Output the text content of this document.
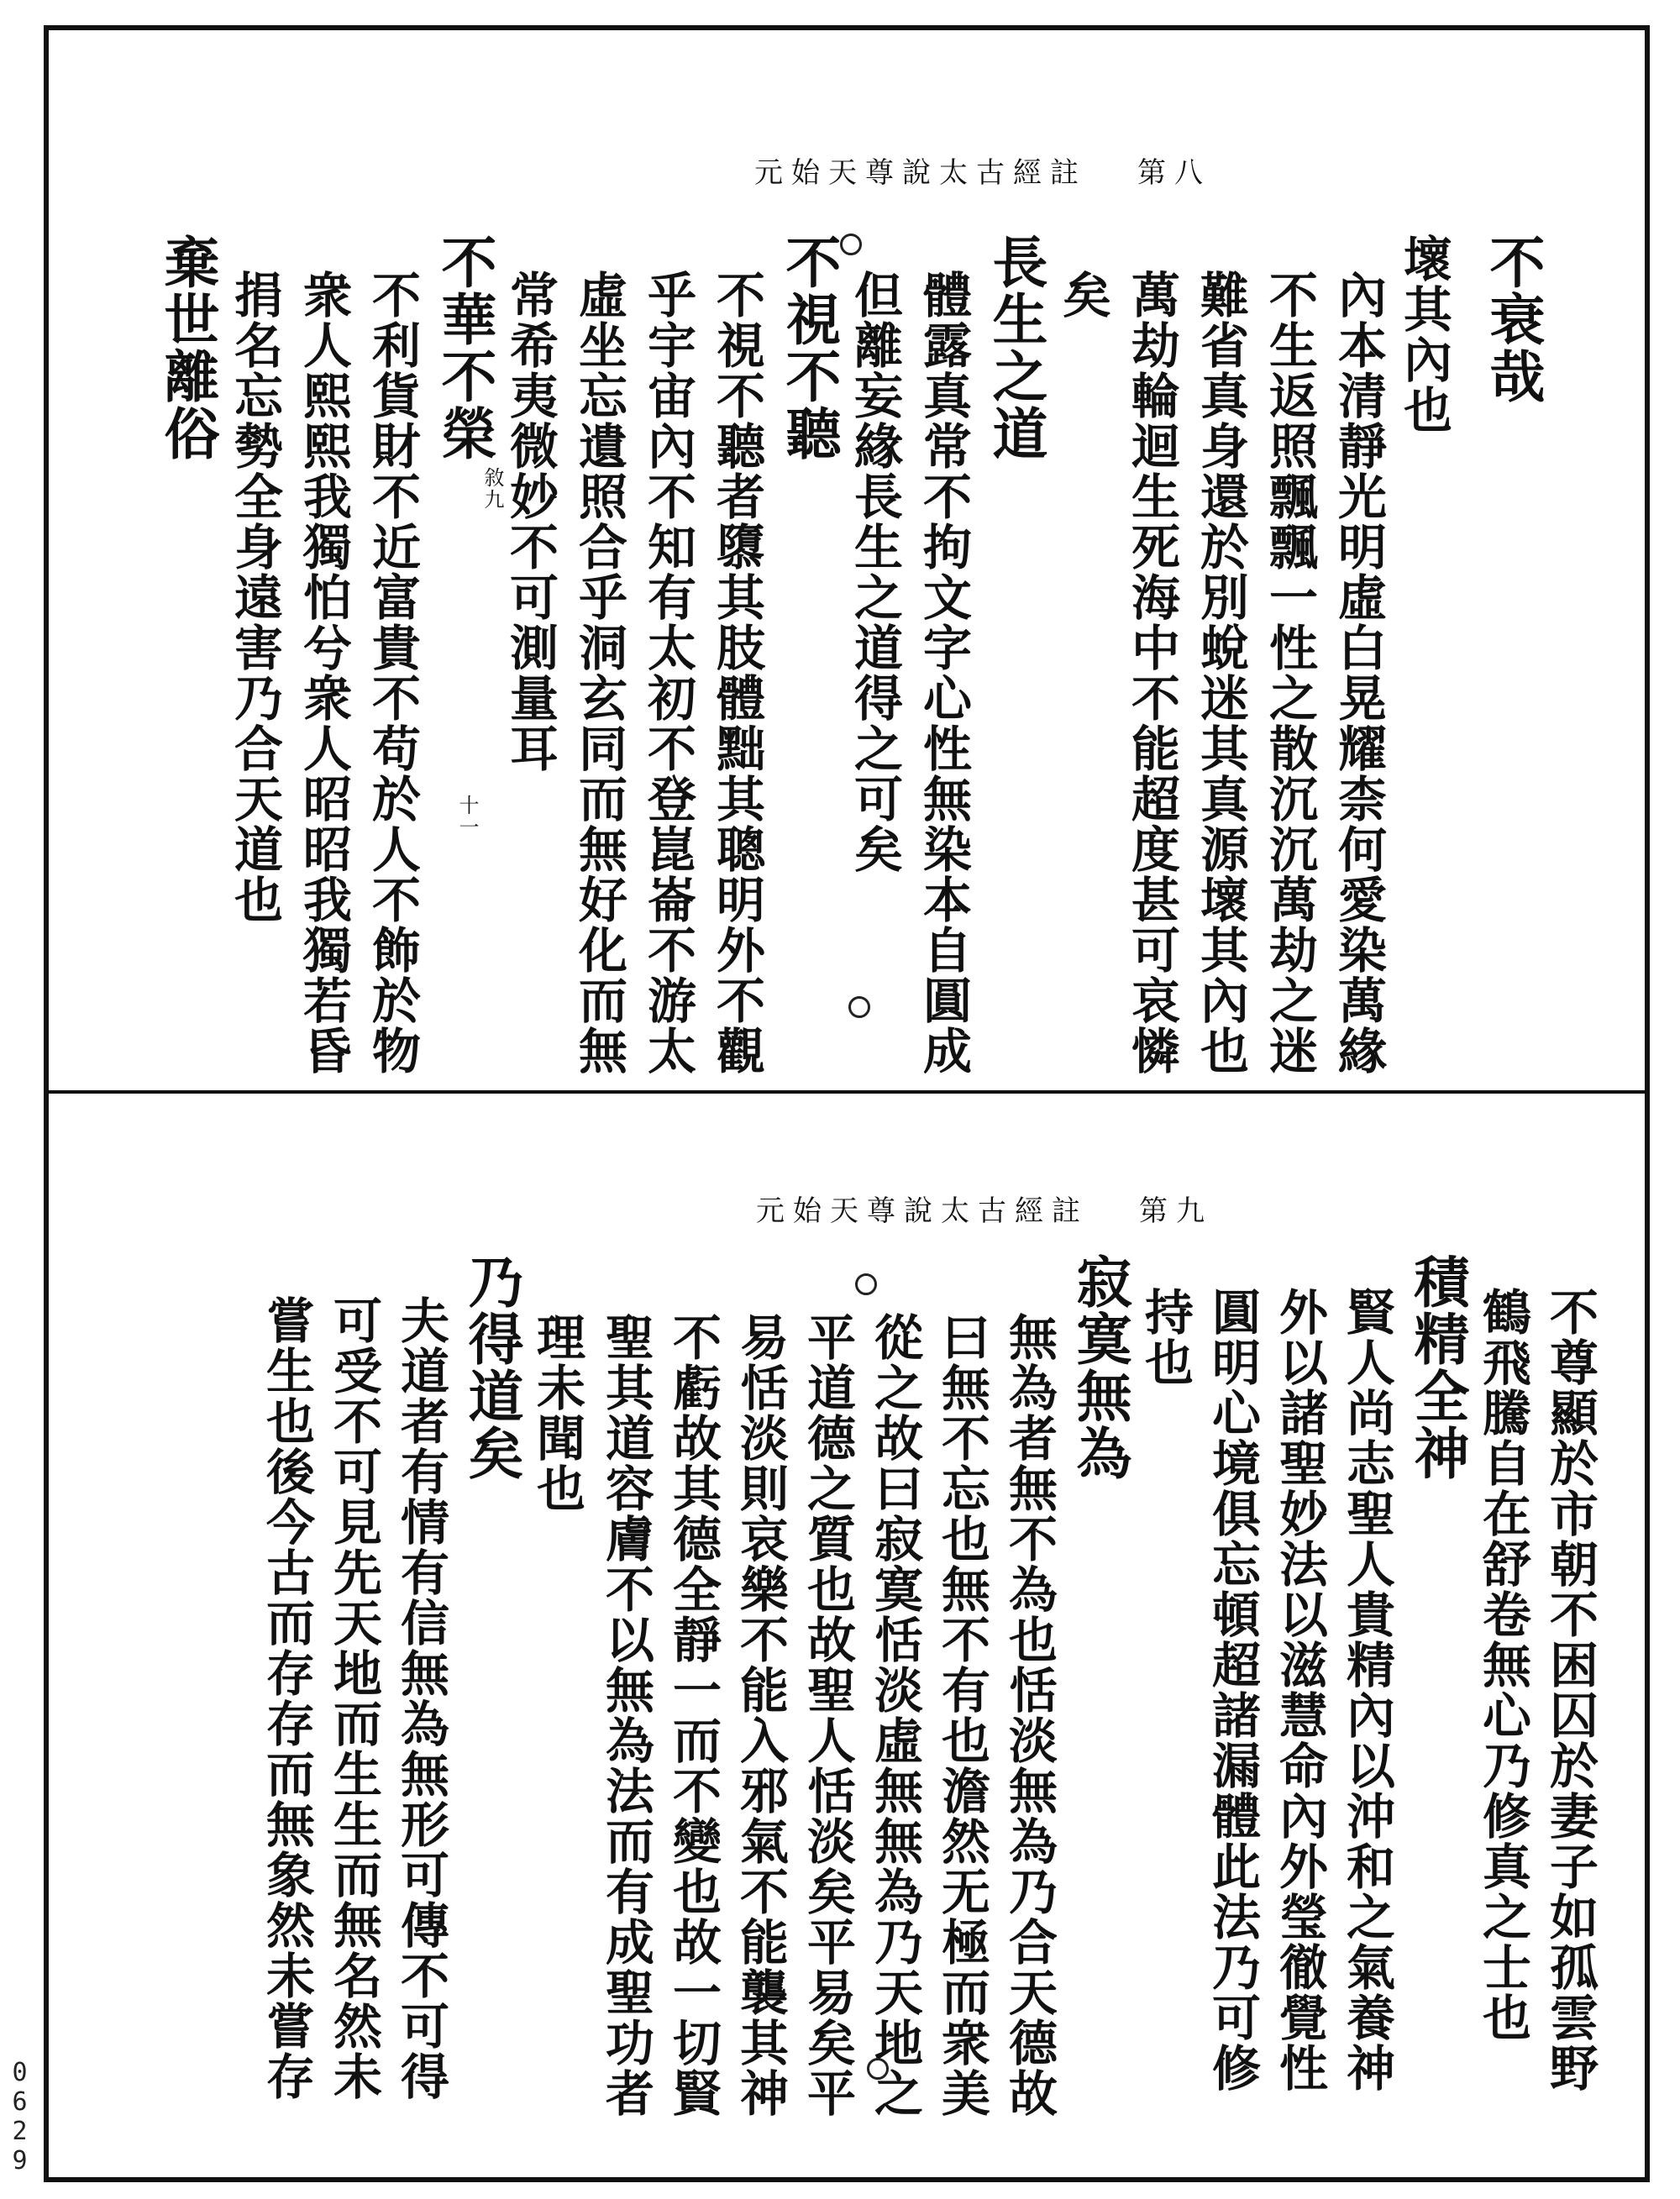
元始天尊說太古經註 第八
不衰哉
壞其內也
內本清靜光明虛白晃耀柰何愛染萬緣
不生返照飄飄一性之散沉沉萬劫之迷
難省真身還於別蛻迷其真源壞其內也
萬劫輪迴生死海中不能超度甚可哀憐
矣
長生之道
體露真常不拘文字心性無染本自圓成
但離妄緣長生之道得之可矣
不視不聽
不視不聽者隳其肢體黜其聰明外不觀
乎宇宙內不知有太初不登崑崙不游太
虛坐忘遺照合乎洞玄同而無好化而無
常希夷微妙不可測量耳
不華不榮
不利貨財不近富貴不苟於人不飾於物
衆人熙熙我獨怕兮衆人昭昭我獨若昏
捐名忘勢全身遠害乃合天道也
棄世離俗
敘九
十一
元始天尊說太古經註 第九
不尊顯於市朝不困囚於妻子如孤雲野
鶴飛騰自在舒卷無心乃修真之士也
積精全神
賢人尚志聖人貴精內以沖和之氣養神
外以諸聖妙法以滋慧命內外瑩徹覺性
圓明心境俱忘頓超諸漏體此法乃可修
持也
寂寞無為
無為者無不為也恬淡無為乃合天德故
曰無不忘也無不有也澹然无極而衆美
從之故曰寂寞恬淡虛無無為乃天地之
平道德之質也故聖人恬淡矣平易矣平
易恬淡則哀樂不能入邪氣不能襲其神
不虧故其德全靜一而不變也故一切賢
聖其道容膚不以無為法而有成聖功者
理未聞也
乃得道矣
夫道者有情有信無為無形可傳不可得
可受不可見先天地而生生而無名然未
嘗生也後今古而存存而無象然未嘗存
0629
